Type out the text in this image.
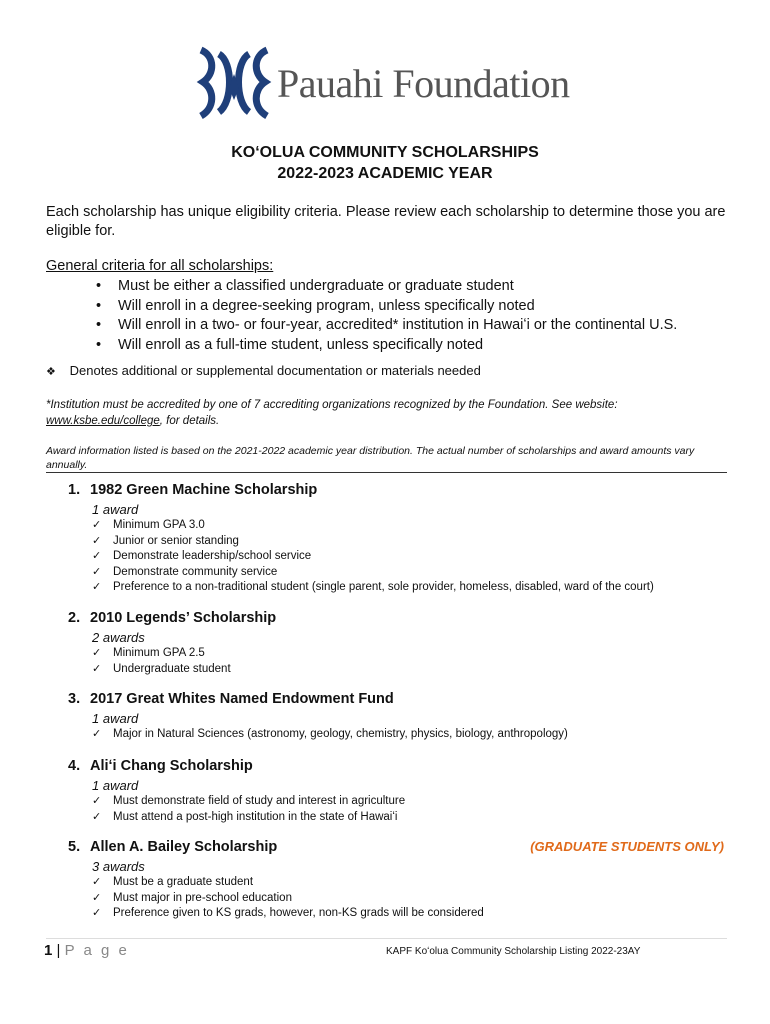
Pauahi Foundation
KOʻOLUA COMMUNITY SCHOLARSHIPS
2022-2023 ACADEMIC YEAR
Each scholarship has unique eligibility criteria. Please review each scholarship to determine those you are eligible for.
General criteria for all scholarships:
• Must be either a classified undergraduate or graduate student
• Will enroll in a degree-seeking program, unless specifically noted
• Will enroll in a two- or four-year, accredited* institution in Hawaiʻi or the continental U.S.
• Will enroll as a full-time student, unless specifically noted
❖ Denotes additional or supplemental documentation or materials needed
*Institution must be accredited by one of 7 accrediting organizations recognized by the Foundation. See website: www.ksbe.edu/college, for details.
Award information listed is based on the 2021-2022 academic year distribution. The actual number of scholarships and award amounts vary annually.
1. 1982 Green Machine Scholarship
1 award
✓ Minimum GPA 3.0
✓ Junior or senior standing
✓ Demonstrate leadership/school service
✓ Demonstrate community service
✓ Preference to a non-traditional student (single parent, sole provider, homeless, disabled, ward of the court)
2. 2010 Legends’ Scholarship
2 awards
✓ Minimum GPA 2.5
✓ Undergraduate student
3. 2017 Great Whites Named Endowment Fund
1 award
✓ Major in Natural Sciences (astronomy, geology, chemistry, physics, biology, anthropology)
4. Aliʻi Chang Scholarship
1 award
✓ Must demonstrate field of study and interest in agriculture
✓ Must attend a post-high institution in the state of Hawaiʻi
5. Allen A. Bailey Scholarship	(GRADUATE STUDENTS ONLY)
3 awards
✓ Must be a graduate student
✓ Must major in pre-school education
✓ Preference given to KS grads, however, non-KS grads will be considered
1 | P a g e	KAPF Koʻolua Community Scholarship Listing 2022-23AY
